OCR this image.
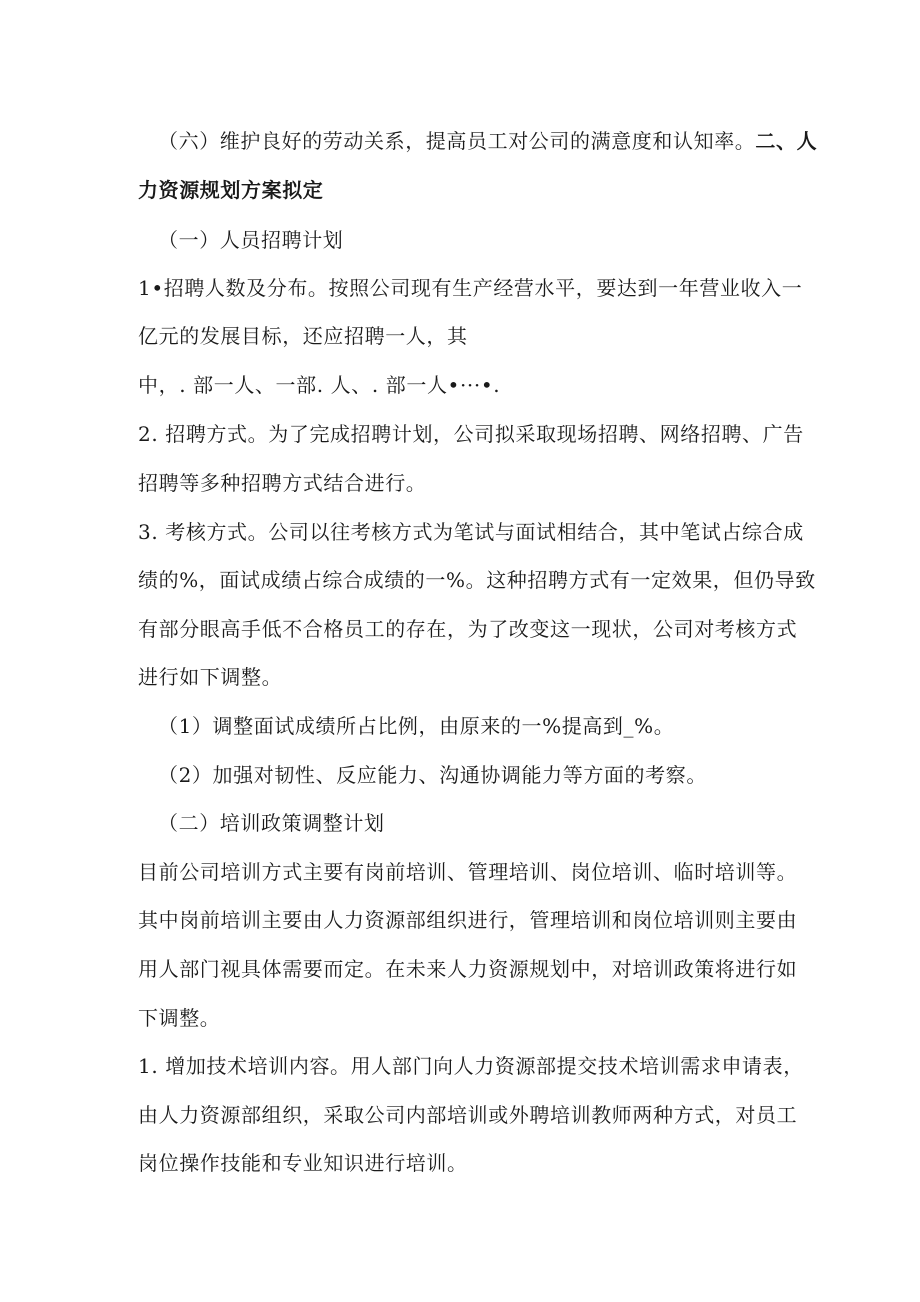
（六）维护良好的劳动关系，提高员工对公司的满意度和认知率。二、人
力资源规划方案拟定
（一）人员招聘计划
1•招聘人数及分布。按照公司现有生产经营水平，要达到一年营业收入一
亿元的发展目标，还应招聘一人，其
中，. 部一人、一部. 人、. 部一人•···•.
2. 招聘方式。为了完成招聘计划，公司拟采取现场招聘、网络招聘、广告
招聘等多种招聘方式结合进行。
3. 考核方式。公司以往考核方式为笔试与面试相结合，其中笔试占综合成
绩的%，面试成绩占综合成绩的一%。这种招聘方式有一定效果，但仍导致
有部分眼高手低不合格员工的存在，为了改变这一现状，公司对考核方式
进行如下调整。
（1）调整面试成绩所占比例，由原来的一%提高到_%。
（2）加强对韧性、反应能力、沟通协调能力等方面的考察。
（二）培训政策调整计划
目前公司培训方式主要有岗前培训、管理培训、岗位培训、临时培训等。
其中岗前培训主要由人力资源部组织进行，管理培训和岗位培训则主要由
用人部门视具体需要而定。在未来人力资源规划中，对培训政策将进行如
下调整。
1. 增加技术培训内容。用人部门向人力资源部提交技术培训需求申请表，
由人力资源部组织，采取公司内部培训或外聘培训教师两种方式，对员工
岗位操作技能和专业知识进行培训。
